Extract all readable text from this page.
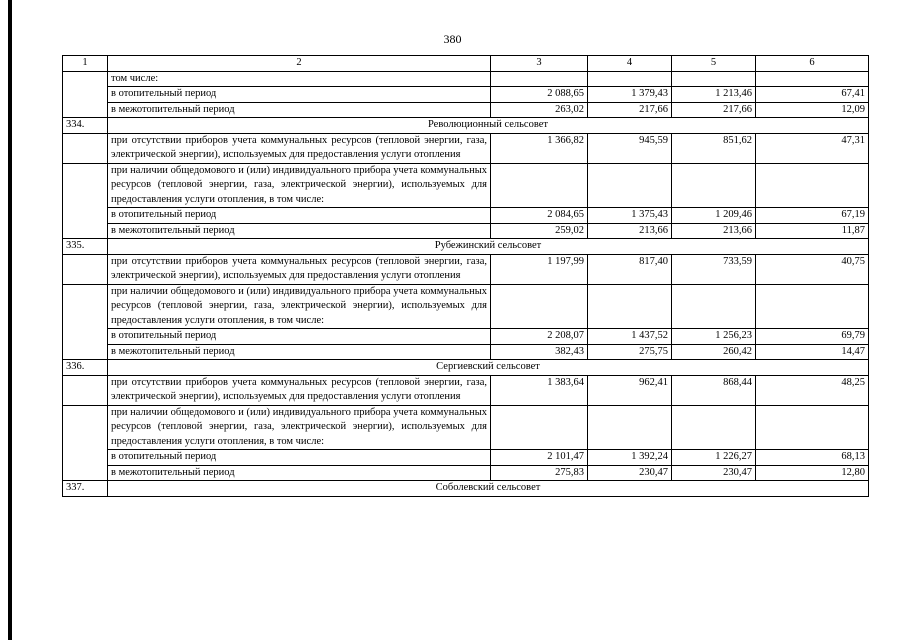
380
1	2	3	4	5	6
	том числе:				
	в отопительный период	2 088,65	1 379,43	1 213,46	67,41
	в межотопительный период	263,02	217,66	217,66	12,09
334.	Революционный сельсовет				
	при отсутствии приборов учета коммунальных ресурсов (тепловой энергии, газа, электрической энергии), используемых для предоставления услуги отопления	1 366,82	945,59	851,62	47,31
	при наличии общедомового и (или) индивидуального прибора учета коммунальных ресурсов (тепловой энергии, газа, электрической энергии), используемых для предоставления услуги отопления, в том числе:				
	в отопительный период	2 084,65	1 375,43	1 209,46	67,19
	в межотопительный период	259,02	213,66	213,66	11,87
335.	Рубежинский сельсовет				
	при отсутствии приборов учета коммунальных ресурсов (тепловой энергии, газа, электрической энергии), используемых для предоставления услуги отопления	1 197,99	817,40	733,59	40,75
	при наличии общедомового и (или) индивидуального прибора учета коммунальных ресурсов (тепловой энергии, газа, электрической энергии), используемых для предоставления услуги отопления, в том числе:				
	в отопительный период	2 208,07	1 437,52	1 256,23	69,79
	в межотопительный период	382,43	275,75	260,42	14,47
336.	Сергиевский сельсовет				
	при отсутствии приборов учета коммунальных ресурсов (тепловой энергии, газа, электрической энергии), используемых для предоставления услуги отопления	1 383,64	962,41	868,44	48,25
	при наличии общедомового и (или) индивидуального прибора учета коммунальных ресурсов (тепловой энергии, газа, электрической энергии), используемых для предоставления услуги отопления, в том числе:				
	в отопительный период	2 101,47	1 392,24	1 226,27	68,13
	в межотопительный период	275,83	230,47	230,47	12,80
337.	Соболевский сельсовет				
